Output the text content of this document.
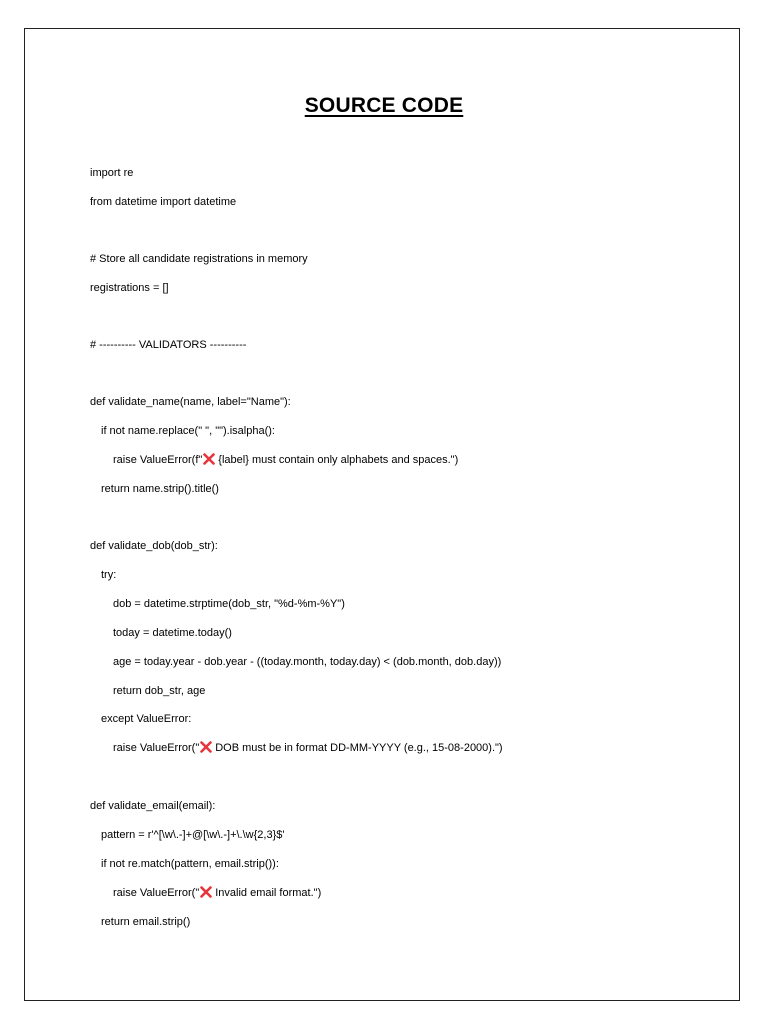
SOURCE CODE
import re
from datetime import datetime
# Store all candidate registrations in memory
registrations = []
# ---------- VALIDATORS ----------
def validate_name(name, label="Name"):
if not name.replace(" ", "").isalpha():
raise ValueError(f" {label} must contain only alphabets and spaces.")
return name.strip().title()
def validate_dob(dob_str):
try:
dob = datetime.strptime(dob_str, "%d-%m-%Y")
today = datetime.today()
age = today.year - dob.year - ((today.month, today.day) < (dob.month, dob.day))
return dob_str, age
except ValueError:
raise ValueError(" DOB must be in format DD-MM-YYYY (e.g., 15-08-2000).")
def validate_email(email):
pattern = r'^[\w\.-]+@[\w\.-]+\.\w{2,3}$'
if not re.match(pattern, email.strip()):
raise ValueError(" Invalid email format.")
return email.strip()
